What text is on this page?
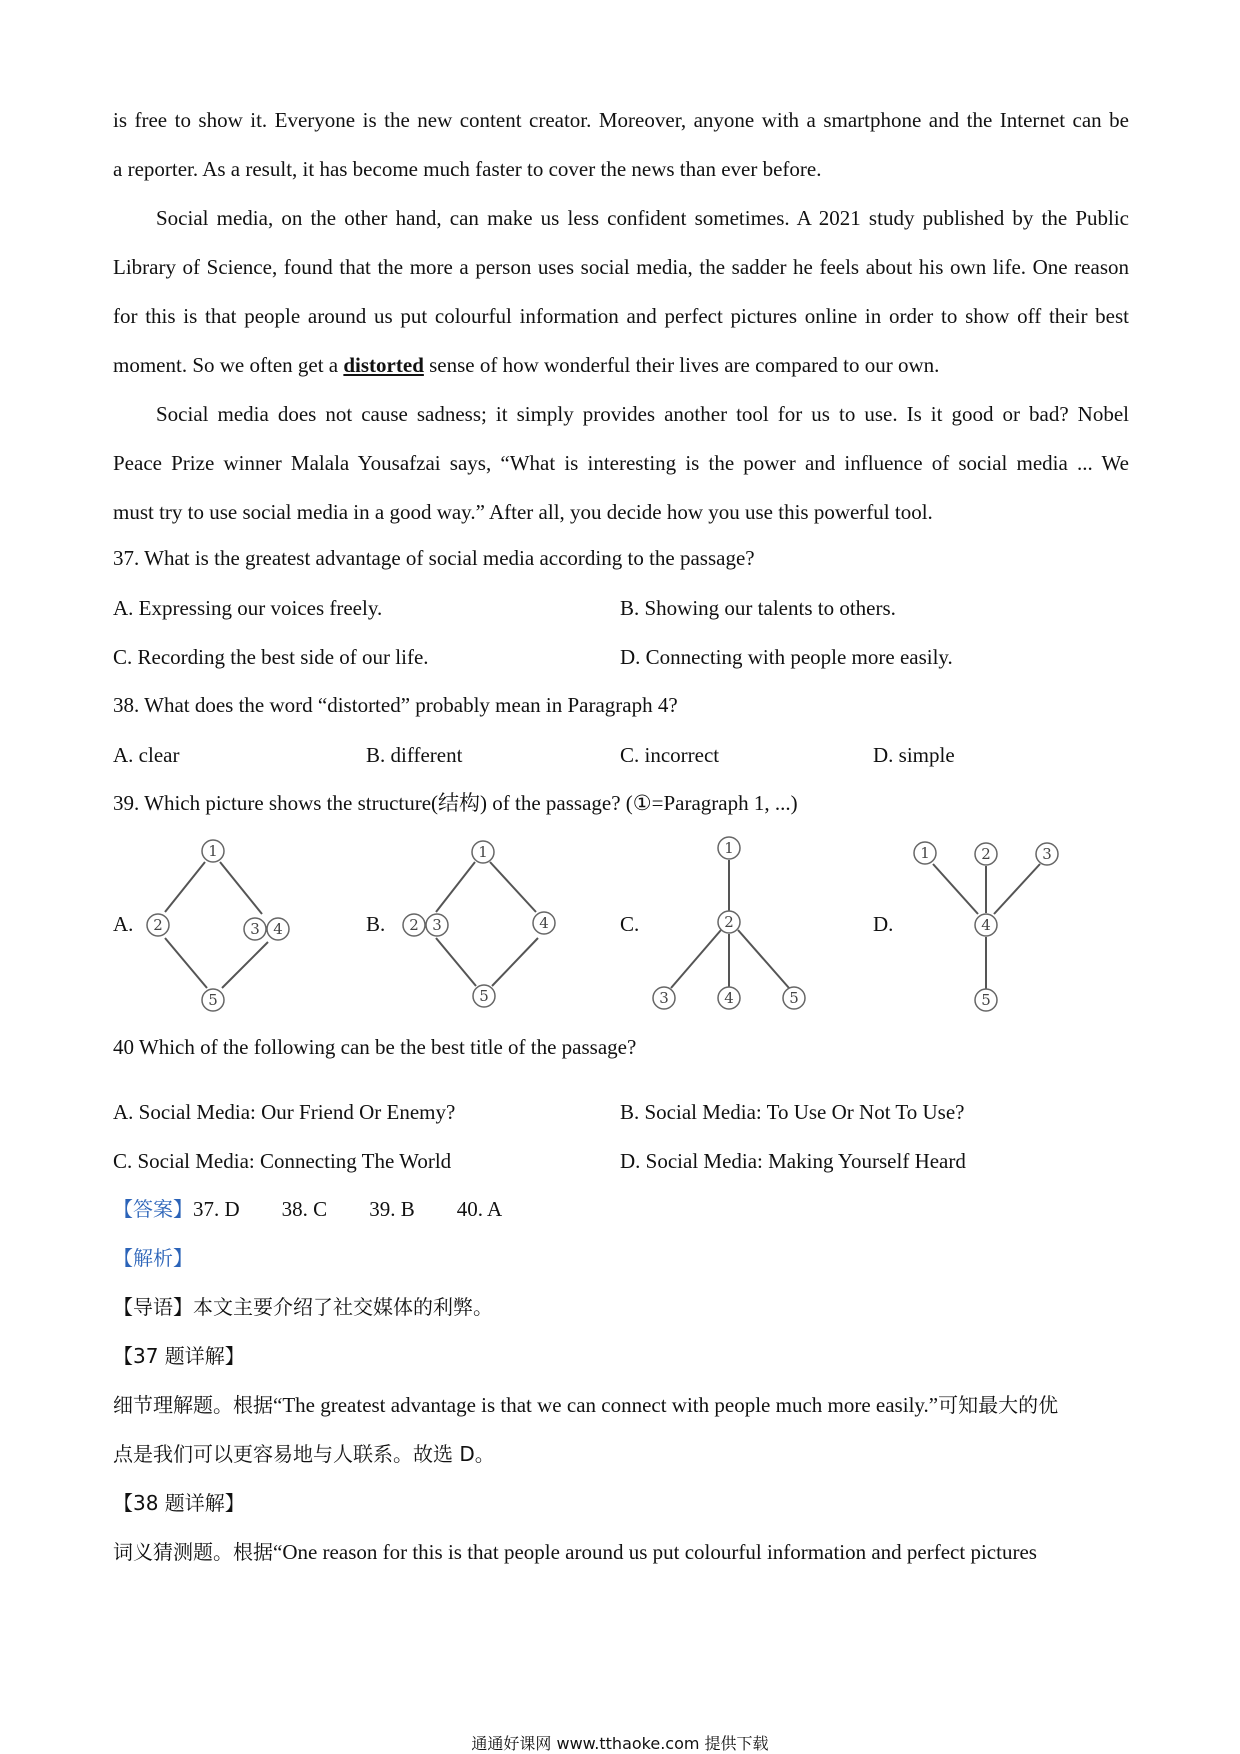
is free to show it. Everyone is the new content creator. Moreover, anyone with a smartphone and the Internet can be
a reporter. As a result, it has become much faster to cover the news than ever before.
Social media, on the other hand, can make us less confident sometimes. A 2021 study published by the Public
Library of Science, found that the more a person uses social media, the sadder he feels about his own life. One reason
for this is that people around us put colourful information and perfect pictures online in order to show off their best
moment. So we often get a distorted sense of how wonderful their lives are compared to our own.
Social media does not cause sadness; it simply provides another tool for us to use. Is it good or bad? Nobel
Peace Prize winner Malala Yousafzai says, “What is interesting is the power and influence of social media ... We
must try to use social media in a good way.” After all, you decide how you use this powerful tool.
37. What is the greatest advantage of social media according to the passage?
A. Expressing our voices freely.	B. Showing our talents to others.
C. Recording the best side of our life.	D. Connecting with people more easily.
38. What does the word “distorted” probably mean in Paragraph 4?
A. clear	B. different	C. incorrect	D. simple
39. Which picture shows the structure(结构) of the passage? (①=Paragraph 1, ...)
A.	B.	C.	D.
1
2	3 4
5
1
2 3	4
5
1
2
3	4	5
1	2	3
4
5
40 Which of the following can be the best title of the passage?
A. Social Media: Our Friend Or Enemy?	B. Social Media: To Use Or Not To Use?
C. Social Media: Connecting The World	D. Social Media: Making Yourself Heard
【答案】37. D 38. C 39. B 40. A
【解析】
【导语】本文主要介绍了社交媒体的利弊。
【37 题详解】
细节理解题。根据“The greatest advantage is that we can connect with people much more easily.”可知最大的优
点是我们可以更容易地与人联系。故选 D。
【38 题详解】
词义猜测题。根据“One reason for this is that people around us put colourful information and perfect pictures
通通好课网 www.tthaoke.com 提供下载
